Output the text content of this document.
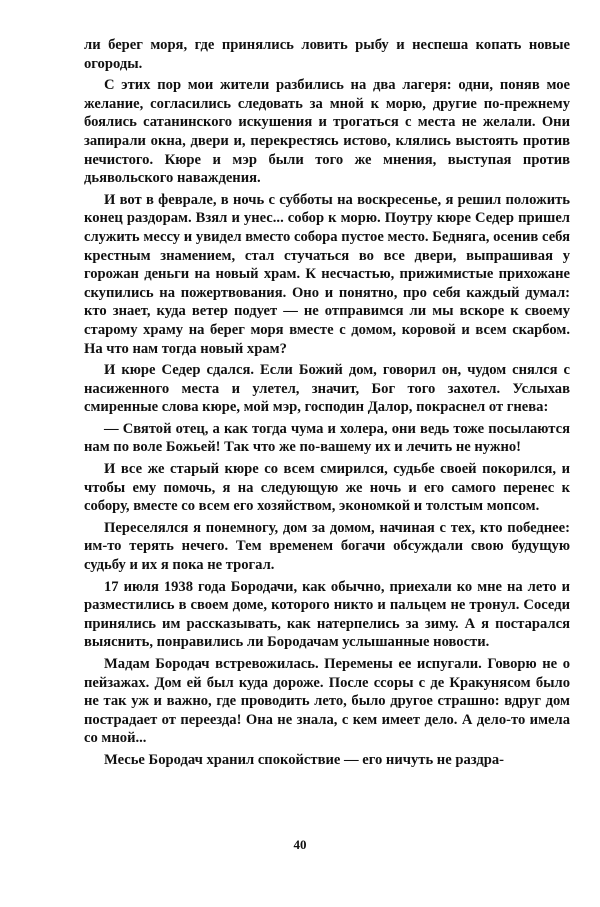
ли берег моря, где принялись ловить рыбу и неспеша копать новые огороды.

С этих пор мои жители разбились на два лагеря: одни, поняв мое желание, согласились следовать за мной к морю, другие по-прежнему боялись сатанинского искушения и трогаться с места не желали. Они запирали окна, двери и, перекрестясь истово, клялись выстоять против нечистого. Кюре и мэр были того же мнения, выступая против дьявольского наваждения.

И вот в феврале, в ночь с субботы на воскресенье, я решил положить конец раздорам. Взял и унес... собор к морю. Поутру кюре Седер пришел служить мессу и увидел вместо собора пустое место. Бедняга, осенив себя крестным знамением, стал стучаться во все двери, выпрашивая у горожан деньги на новый храм. К несчастью, прижимистые прихожане скупились на пожертвования. Оно и понятно, про себя каждый думал: кто знает, куда ветер подует — не отправимся ли мы вскоре к своему старому храму на берег моря вместе с домом, коровой и всем скарбом. На что нам тогда новый храм?

И кюре Седер сдался. Если Божий дом, говорил он, чудом снялся с насиженного места и улетел, значит, Бог того захотел. Услыхав смиренные слова кюре, мой мэр, господин Далор, покраснел от гнева:

— Святой отец, а как тогда чума и холера, они ведь тоже посылаются нам по воле Божьей! Так что же по-вашему их и лечить не нужно!

И все же старый кюре со всем смирился, судьбе своей покорился, и чтобы ему помочь, я на следующую же ночь и его самого перенес к собору, вместе со всем его хозяйством, экономкой и толстым мопсом.

Переселялся я понемногу, дом за домом, начиная с тех, кто победнее: им-то терять нечего. Тем временем богачи обсуждали свою будущую судьбу и их я пока не трогал.

17 июля 1938 года Бородачи, как обычно, приехали ко мне на лето и разместились в своем доме, которого никто и пальцем не тронул. Соседи принялись им рассказывать, как натерпелись за зиму. А я постарался выяснить, понравились ли Бородачам услышанные новости.

Мадам Бородач встревожилась. Перемены ее испугали. Говорю не о пейзажах. Дом ей был куда дороже. После ссоры с де Кракунясом было не так уж и важно, где проводить лето, было другое страшно: вдруг дом пострадает от переезда! Она не знала, с кем имеет дело. А дело-то имела со мной...

Месье Бородач хранил спокойствие — его ничуть не раздра-

40
